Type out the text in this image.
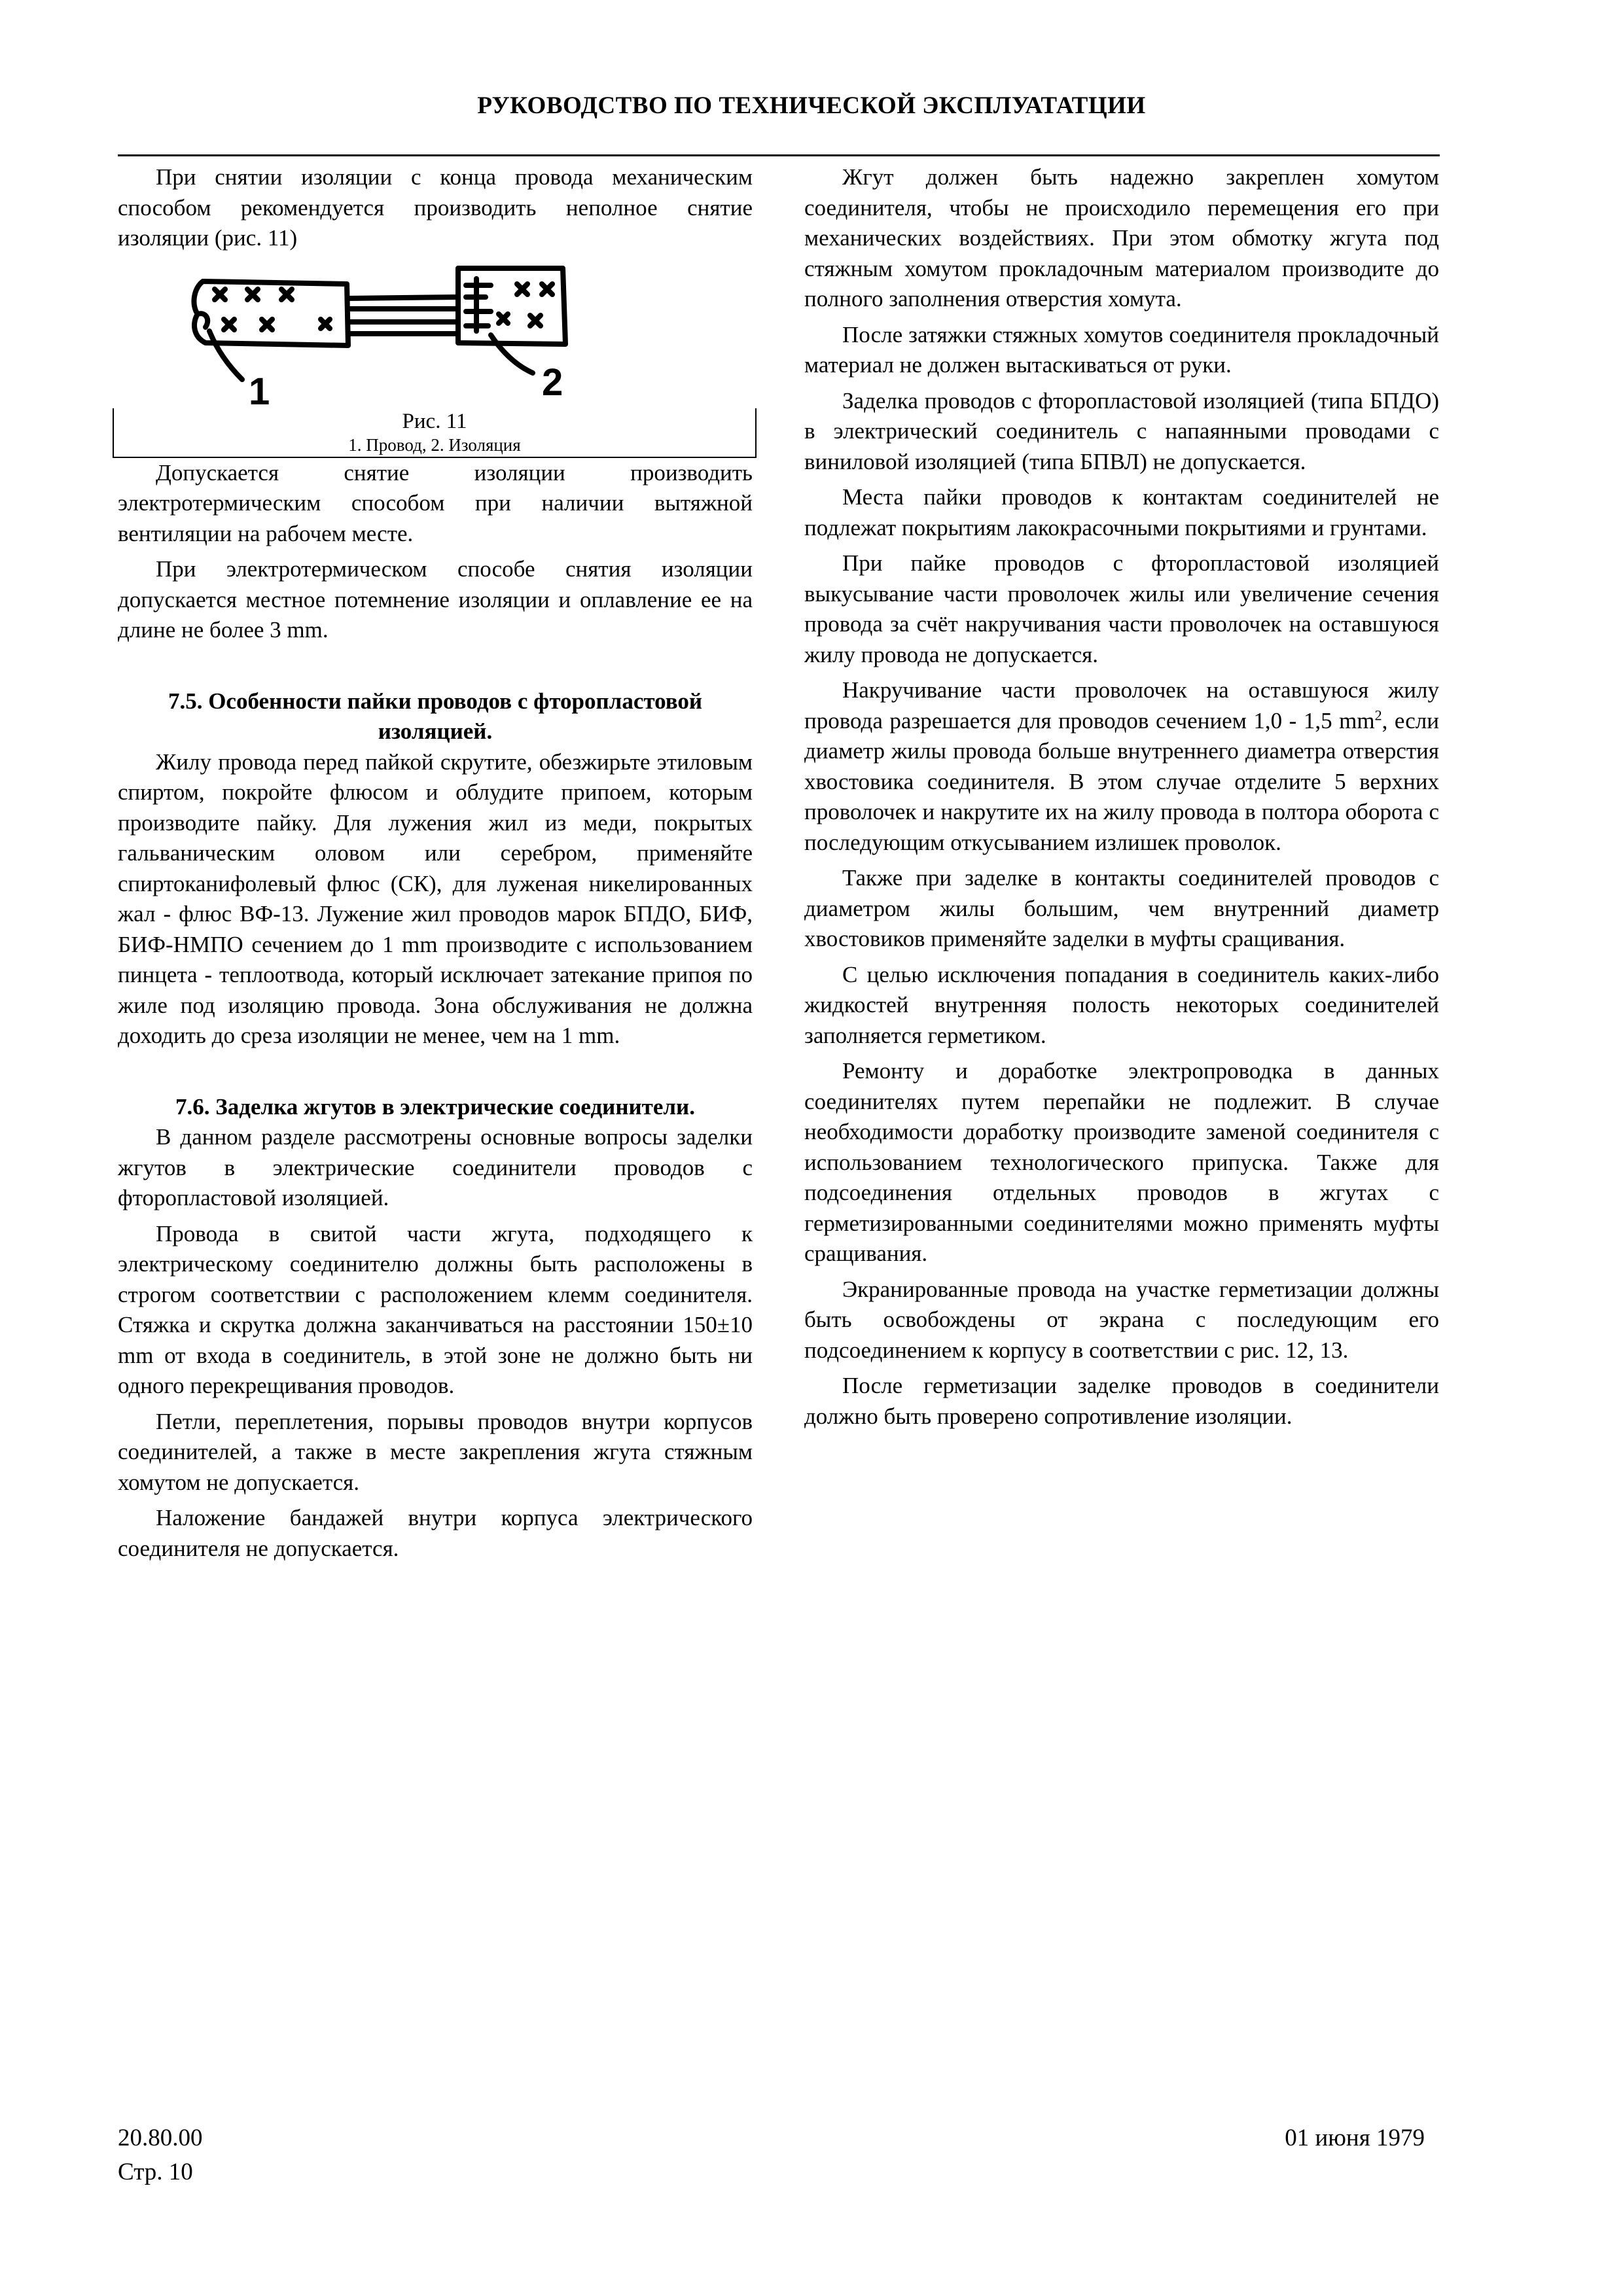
РУКОВОДСТВО ПО ТЕХНИЧЕСКОЙ ЭКСПЛУАТАТЦИИ

При снятии изоляции с конца провода механическим способом рекомендуется производить неполное снятие изоляции (рис. 11)

1	2
Рис. 11
1. Провод, 2. Изоляция

Допускается снятие изоляции производить электротермическим способом при наличии вытяжной вентиляции на рабочем месте.

При электротермическом способе снятия изоляции допускается местное потемнение изоляции и оплавление ее на длине не более 3 mm.

7.5. Особенности пайки проводов с фторопластовой изоляцией.

Жилу провода перед пайкой скрутите, обезжирьте этиловым спиртом, покройте флюсом и облудите припоем, которым производите пайку. Для лужения жил из меди, покрытых гальваническим оловом или серебром, применяйте спиртоканифолевый флюс (СК), для луженая никелированных жал - флюс ВФ-13. Лужение жил проводов марок БПДО, БИФ, БИФ-НМПО сечением до 1 mm производите с использованием пинцета - теплоотвода, который исключает затекание припоя по жиле под изоляцию провода. Зона обслуживания не должна доходить до среза изоляции не менее, чем на 1 mm.

7.6. Заделка жгутов в электрические соединители.

В данном разделе рассмотрены основные вопросы заделки жгутов в электрические соединители проводов с фторопластовой изоляцией.

Провода в свитой части жгута, подходящего к электрическому соединителю должны быть расположены в строгом соответствии с расположением клемм соединителя. Стяжка и скрутка должна заканчиваться на расстоянии 150±10 mm от входа в соединитель, в этой зоне не должно быть ни одного перекрещивания проводов.

Петли, переплетения, порывы проводов внутри корпусов соединителей, а также в месте закрепления жгута стяжным хомутом не допускается.

Наложение бандажей внутри корпуса электрического соединителя не допускается.

Жгут должен быть надежно закреплен хомутом соединителя, чтобы не происходило перемещения его при механических воздействиях. При этом обмотку жгута под стяжным хомутом прокладочным материалом производите до полного заполнения отверстия хомута.

После затяжки стяжных хомутов соединителя прокладочный материал не должен вытаскиваться от руки.

Заделка проводов с фторопластовой изоляцией (типа БПДО) в электрический соединитель с напаянными проводами с виниловой изоляцией (типа БПВЛ) не допускается.

Места пайки проводов к контактам соединителей не подлежат покрытиям лакокрасочными покрытиями и грунтами.

При пайке проводов с фторопластовой изоляцией выкусывание части проволочек жилы или увеличение сечения провода за счёт накручивания части проволочек на оставшуюся жилу провода не допускается.

Накручивание части проволочек на оставшуюся жилу провода разрешается для проводов сечением 1,0 - 1,5 $mm^2$, если диаметр жилы провода больше внутреннего диаметра отверстия хвостовика соединителя. В этом случае отделите 5 верхних проволочек и накрутите их на жилу провода в полтора оборота с последующим откусыванием излишек проволок.

Также при заделке в контакты соединителей проводов с диаметром жилы большим, чем внутренний диаметр хвостовиков применяйте заделки в муфты сращивания.

С целью исключения попадания в соединитель каких-либо жидкостей внутренняя полость некоторых соединителей заполняется герметиком.

Ремонту и доработке электропроводка в данных соединителях путем перепайки не подлежит. В случае необходимости доработку производите заменой соединителя с использованием технологического припуска. Также для подсоединения отдельных проводов в жгутах с герметизированными соединителями можно применять муфты сращивания.

Экранированные провода на участке герметизации должны быть освобождены от экрана с последующим его подсоединением к корпусу в соответствии с рис. 12, 13.

После герметизации заделке проводов в соединители должно быть проверено сопротивление изоляции.

20.80.00
Стр. 10
01 июня 1979
